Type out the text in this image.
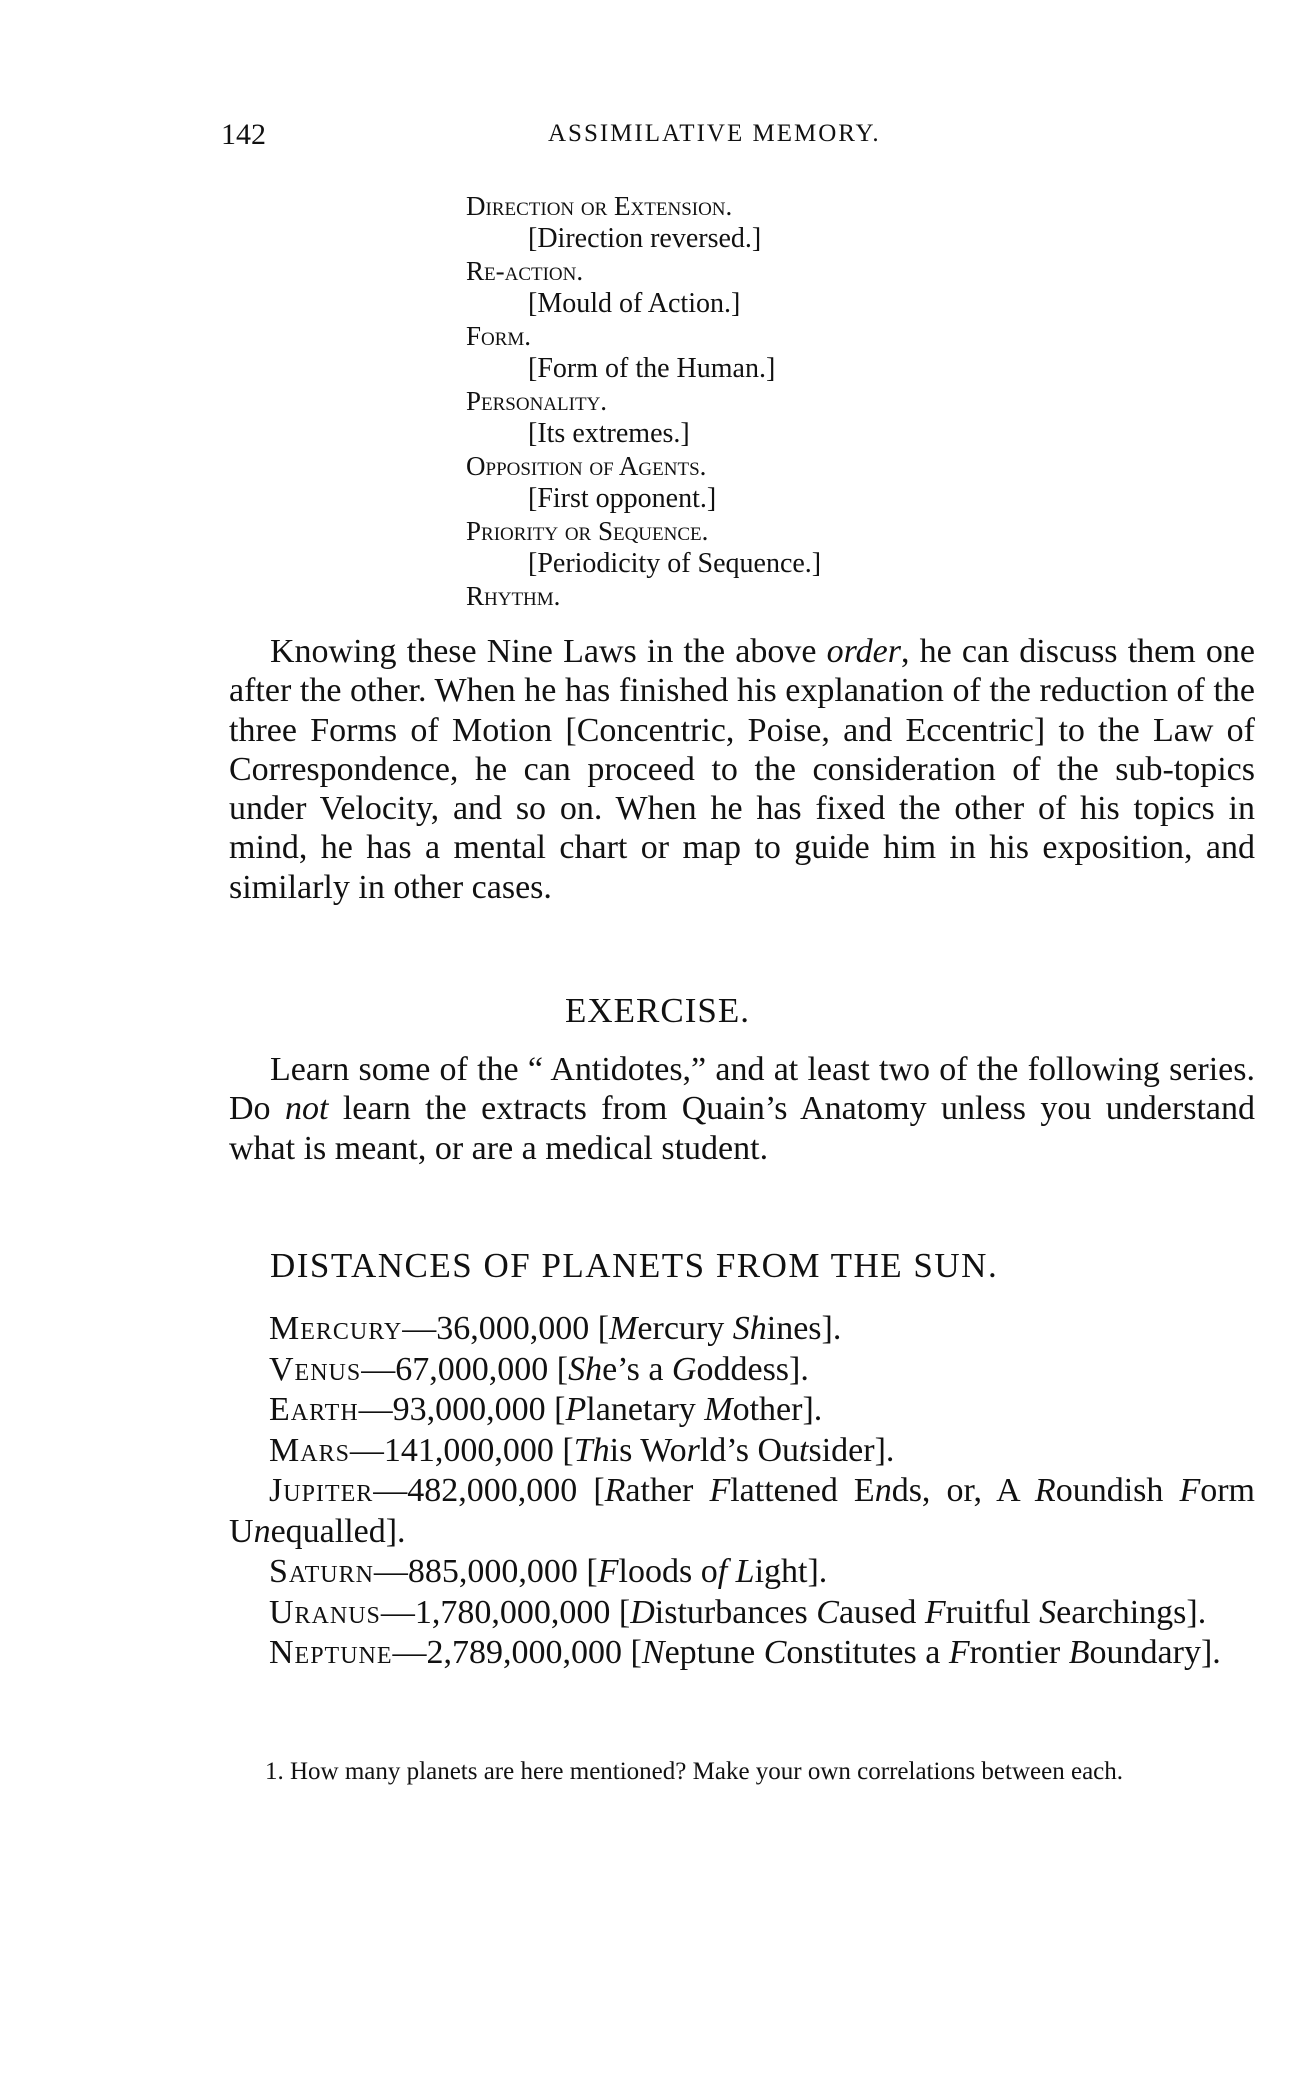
142	ASSIMILATIVE MEMORY.
Direction or Extension.
[Direction reversed.]
Re-action.
[Mould of Action.]
Form.
[Form of the Human.]
Personality.
[Its extremes.]
Opposition of Agents.
[First opponent.]
Priority or Sequence.
[Periodicity of Sequence.]
Rhythm.

Knowing these Nine Laws in the above order, he can discuss them one after the other. When he has finished his explanation of the reduction of the three Forms of Motion [Concentric, Poise, and Eccentric] to the Law of Correspondence, he can proceed to the consideration of the sub-topics under Velocity, and so on. When he has fixed the other of his topics in mind, he has a mental chart or map to guide him in his exposition, and similarly in other cases.

EXERCISE.

Learn some of the “ Antidotes,” and at least two of the following series. Do not learn the extracts from Quain’s Anatomy unless you understand what is meant, or are a medical student.

DISTANCES OF PLANETS FROM THE SUN.
Mercury—36,000,000 [Mercury Shines].
Venus—67,000,000 [She’s a Goddess].
Earth—93,000,000 [Planetary Mother].
Mars—141,000,000 [This World’s Outsider].
Jupiter—482,000,000 [Rather Flattened Ends, or, A Roundish Form Unequalled].
Saturn—885,000,000 [Floods of Light].
Uranus—1,780,000,000 [Disturbances Caused Fruitful Searchings].
Neptune—2,789,000,000 [Neptune Constitutes a Frontier Boundary].

1. How many planets are here mentioned? Make your own correlations between each.
